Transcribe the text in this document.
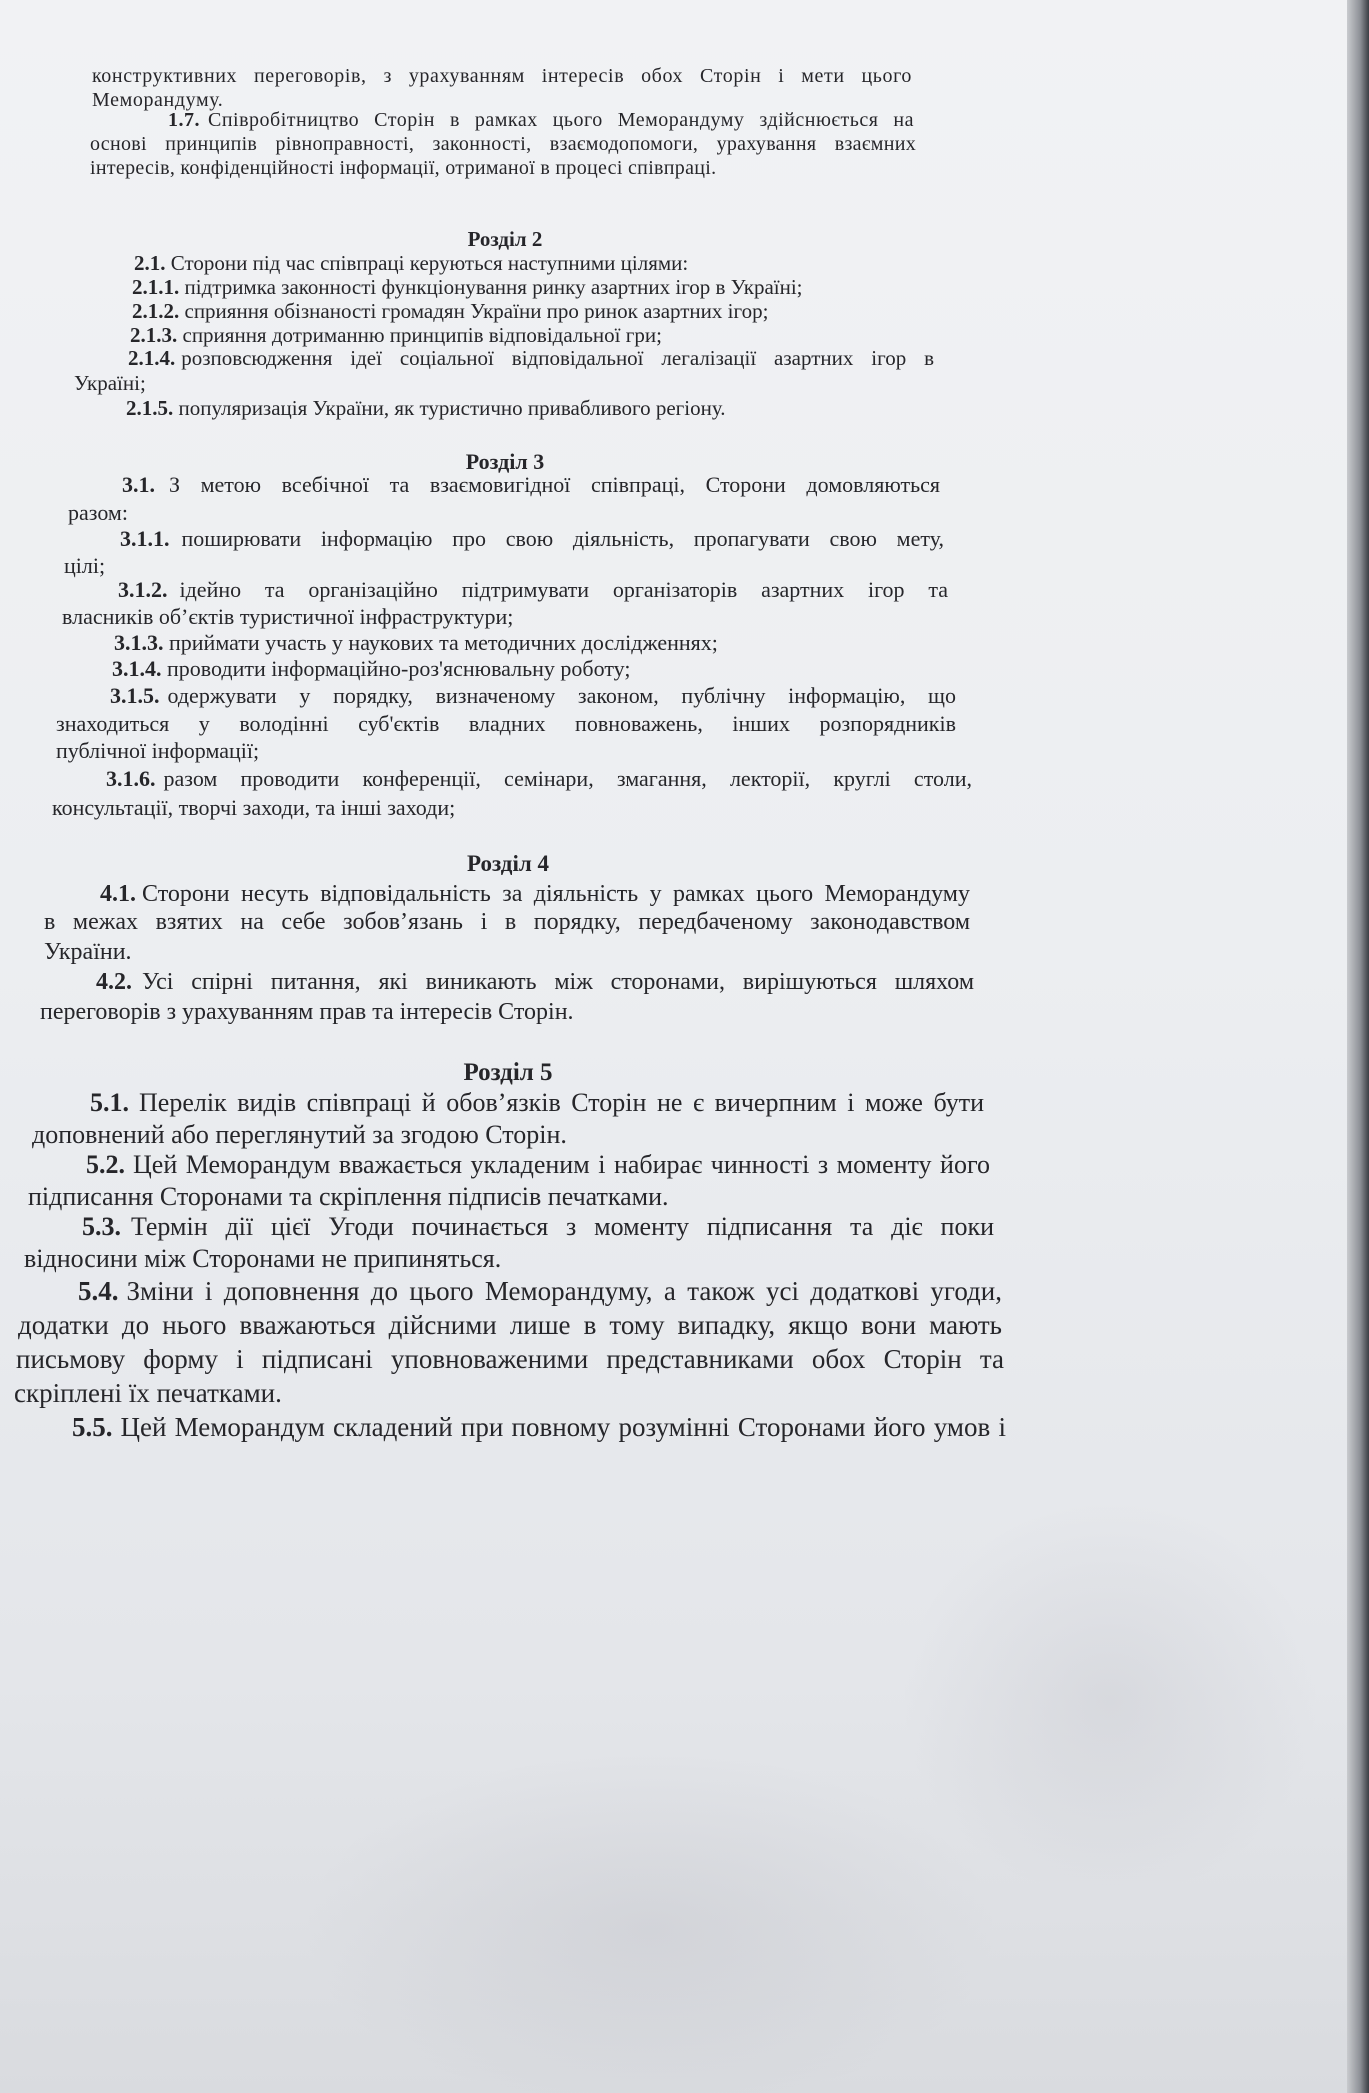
конструктивних переговорів, з урахуванням інтересів обох Сторін і мети цього
Меморандуму.
1.7. Співробітництво Сторін в рамках цього Меморандуму здійснюється на
основі принципів рівноправності, законності, взаємодопомоги, урахування взаємних
інтересів, конфіденційності інформації, отриманої в процесі співпраці.
Розділ 2
2.1. Сторони під час співпраці керуються наступними цілями:
2.1.1. підтримка законності функціонування ринку азартних ігор в Україні;
2.1.2. сприяння обізнаності громадян України про ринок азартних ігор;
2.1.3. сприяння дотриманню принципів відповідальної гри;
2.1.4. розповсюдження ідеї соціальної відповідальної легалізації азартних ігор в
Україні;
2.1.5. популяризація України, як туристично привабливого регіону.
Розділ 3
3.1. З метою всебічної та взаємовигідної співпраці, Сторони домовляються
разом:
3.1.1. поширювати інформацію про свою діяльність, пропагувати свою мету,
цілі;
3.1.2. ідейно та організаційно підтримувати організаторів азартних ігор та
власників об’єктів туристичної інфраструктури;
3.1.3. приймати участь у наукових та методичних дослідженнях;
3.1.4. проводити інформаційно-роз'яснювальну роботу;
3.1.5. одержувати у порядку, визначеному законом, публічну інформацію, що
знаходиться у володінні суб'єктів владних повноважень, інших розпорядників
публічної інформації;
3.1.6. разом проводити конференції, семінари, змагання, лекторії, круглі столи,
консультації, творчі заходи, та інші заходи;
Розділ 4
4.1. Сторони несуть відповідальність за діяльність у рамках цього Меморандуму
в межах взятих на себе зобов’язань і в порядку, передбаченому законодавством
України.
4.2. Усі спірні питання, які виникають між сторонами, вирішуються шляхом
переговорів з урахуванням прав та інтересів Сторін.
Розділ 5
5.1. Перелік видів співпраці й обов’язків Сторін не є вичерпним і може бути
доповнений або переглянутий за згодою Сторін.
5.2. Цей Меморандум вважається укладеним і набирає чинності з моменту його
підписання Сторонами та скріплення підписів печатками.
5.3. Термін дії цієї Угоди починається з моменту підписання та діє поки
відносини між Сторонами не припиняться.
5.4. Зміни і доповнення до цього Меморандуму, а також усі додаткові угоди,
додатки до нього вважаються дійсними лише в тому випадку, якщо вони мають
письмову форму і підписані уповноваженими представниками обох Сторін та
скріплені їх печатками.
5.5. Цей Меморандум складений при повному розумінні Сторонами його умов і
